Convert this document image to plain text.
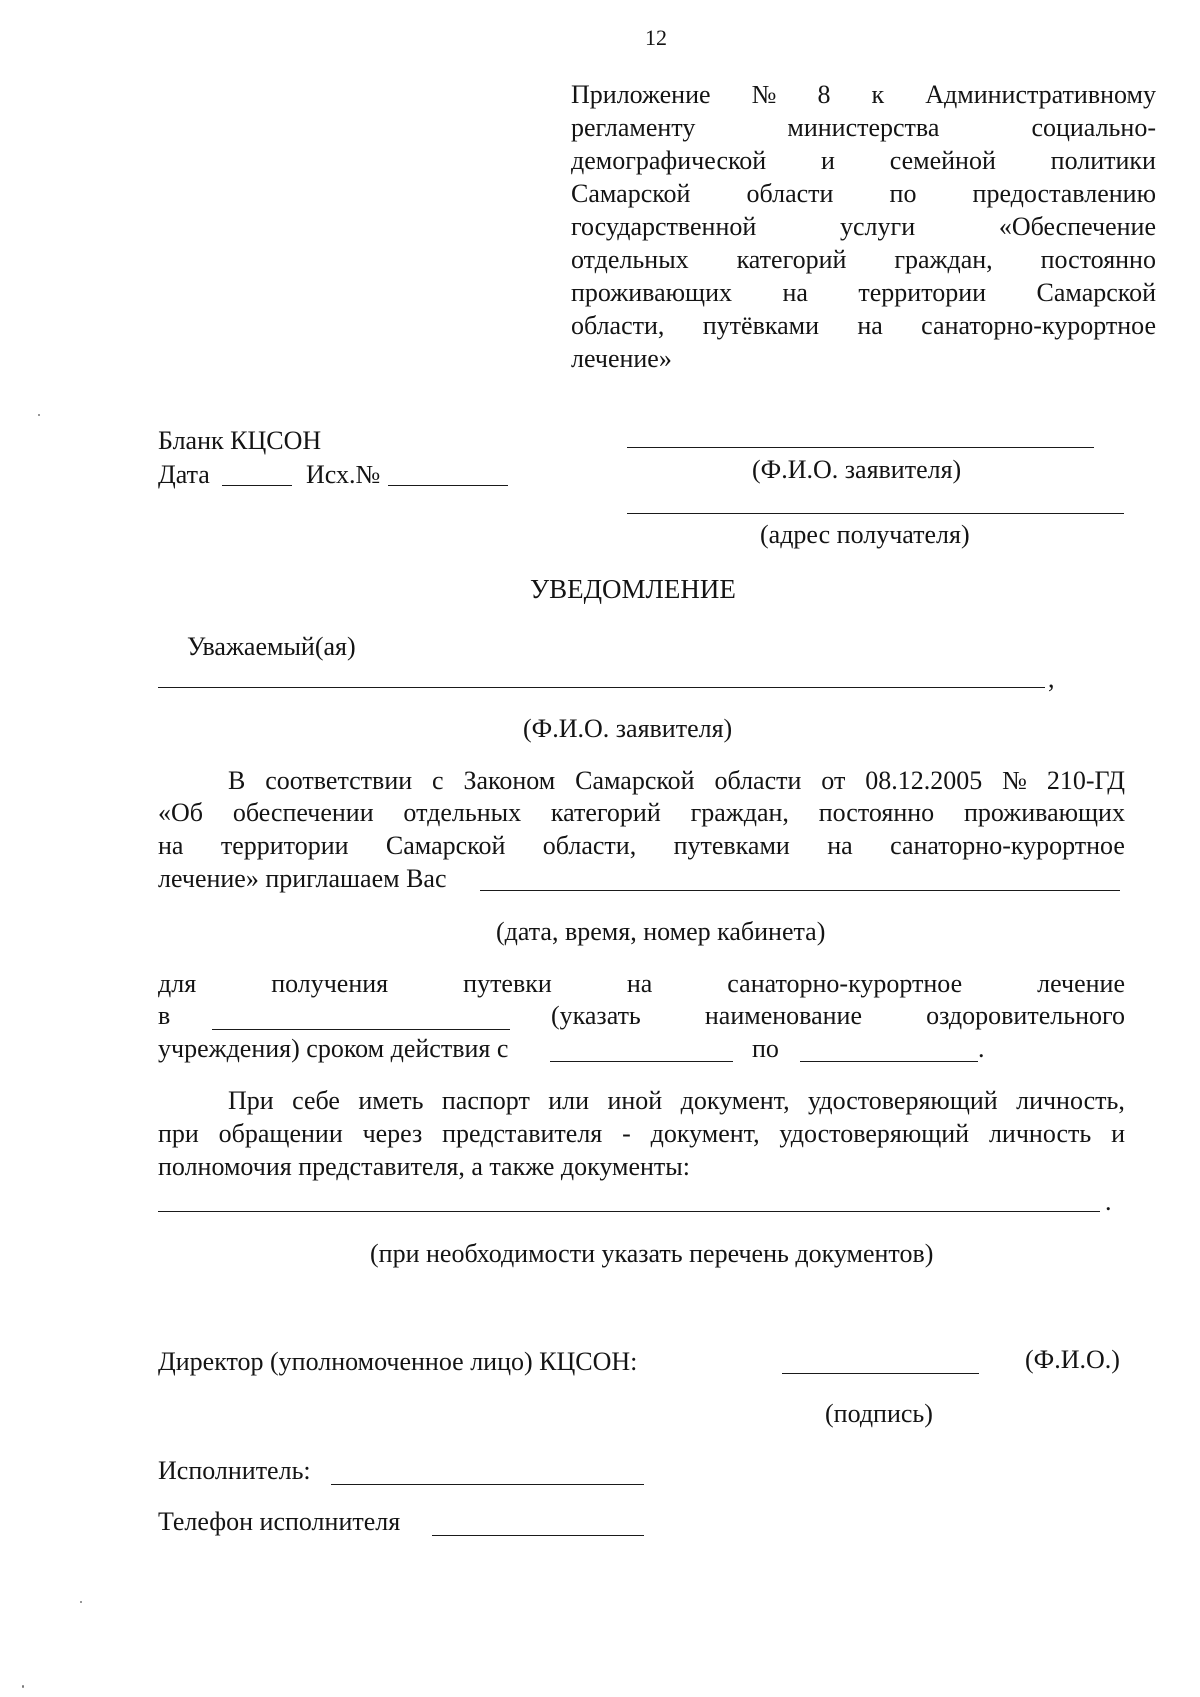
12
Приложение № 8 к Административному
регламенту	министерства	социально-
демографической и семейной политики
Самарской области по предоставлению
государственной	услуги	«Обеспечение
отдельных категорий граждан, постоянно
проживающих на территории Самарской
области, путёвками на санаторно-курортное
лечение»
Бланк КЦСОН
Дата	Исх.№	(Ф.И.О. заявителя)
(адрес получателя)
УВЕДОМЛЕНИЕ
Уважаемый(ая)
,
(Ф.И.О. заявителя)
В соответствии с Законом Самарской области от 08.12.2005 № 210-ГД
«Об обеспечении отдельных категорий граждан, постоянно проживающих
на территории Самарской области, путевками на санаторно-курортное
лечение» приглашаем Вас
(дата, время, номер кабинета)
для	получения	путевки	на	санаторно-курортное	лечение
в	(указать наименование оздоровительного
учреждения) сроком действия с	по	.
При себе иметь паспорт или иной документ, удостоверяющий личность,
при обращении через представителя - документ, удостоверяющий личность и
полномочия представителя, а также документы:
.
(при необходимости указать перечень документов)
Директор (уполномоченное лицо) КЦСОН:	(Ф.И.О.)
(подпись)
Исполнитель:
Телефон исполнителя
